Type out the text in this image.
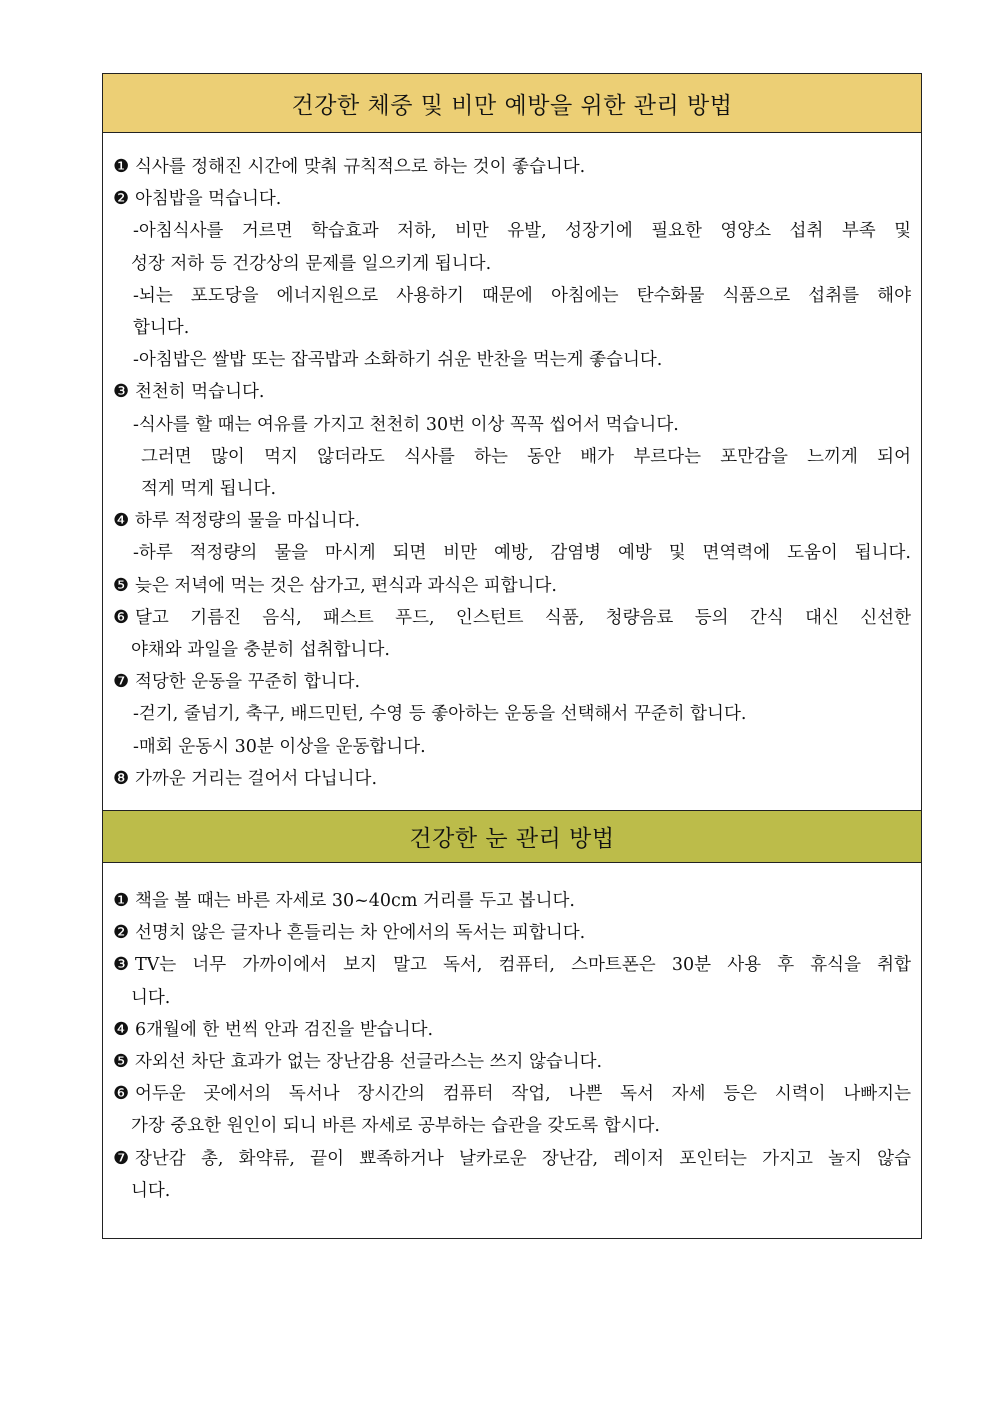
건강한 체중 및 비만 예방을 위한 관리 방법
❶ 식사를 정해진 시간에 맞춰 규칙적으로 하는 것이 좋습니다.
❷ 아침밥을 먹습니다.
-아침식사를 거르면 학습효과 저하, 비만 유발, 성장기에 필요한 영양소 섭취 부족 및
성장 저하 등 건강상의 문제를 일으키게 됩니다.
-뇌는 포도당을 에너지원으로 사용하기 때문에 아침에는 탄수화물 식품으로 섭취를 해야
합니다.
-아침밥은 쌀밥 또는 잡곡밥과 소화하기 쉬운 반찬을 먹는게 좋습니다.
❸ 천천히 먹습니다.
-식사를 할 때는 여유를 가지고 천천히 30번 이상 꼭꼭 씹어서 먹습니다.
그러면 많이 먹지 않더라도 식사를 하는 동안 배가 부르다는 포만감을 느끼게 되어
적게 먹게 됩니다.
❹ 하루 적정량의 물을 마십니다.
-하루 적정량의 물을 마시게 되면 비만 예방, 감염병 예방 및 면역력에 도움이 됩니다.
❺ 늦은 저녁에 먹는 것은 삼가고, 편식과 과식은 피합니다.
❻ 달고 기름진 음식, 패스트 푸드, 인스턴트 식품, 청량음료 등의 간식 대신 신선한
야채와 과일을 충분히 섭취합니다.
❼ 적당한 운동을 꾸준히 합니다.
-걷기, 줄넘기, 축구, 배드민턴, 수영 등 좋아하는 운동을 선택해서 꾸준히 합니다.
-매회 운동시 30분 이상을 운동합니다.
❽ 가까운 거리는 걸어서 다닙니다.
건강한 눈 관리 방법
❶ 책을 볼 때는 바른 자세로 30~40cm 거리를 두고 봅니다.
❷ 선명치 않은 글자나 흔들리는 차 안에서의 독서는 피합니다.
❸ TV는 너무 가까이에서 보지 말고 독서, 컴퓨터, 스마트폰은 30분 사용 후 휴식을 취합
니다.
❹ 6개월에 한 번씩 안과 검진을 받습니다.
❺ 자외선 차단 효과가 없는 장난감용 선글라스는 쓰지 않습니다.
❻ 어두운 곳에서의 독서나 장시간의 컴퓨터 작업, 나쁜 독서 자세 등은 시력이 나빠지는
가장 중요한 원인이 되니 바른 자세로 공부하는 습관을 갖도록 합시다.
❼ 장난감 총, 화약류, 끝이 뾰족하거나 날카로운 장난감, 레이저 포인터는 가지고 놀지 않습
니다.
